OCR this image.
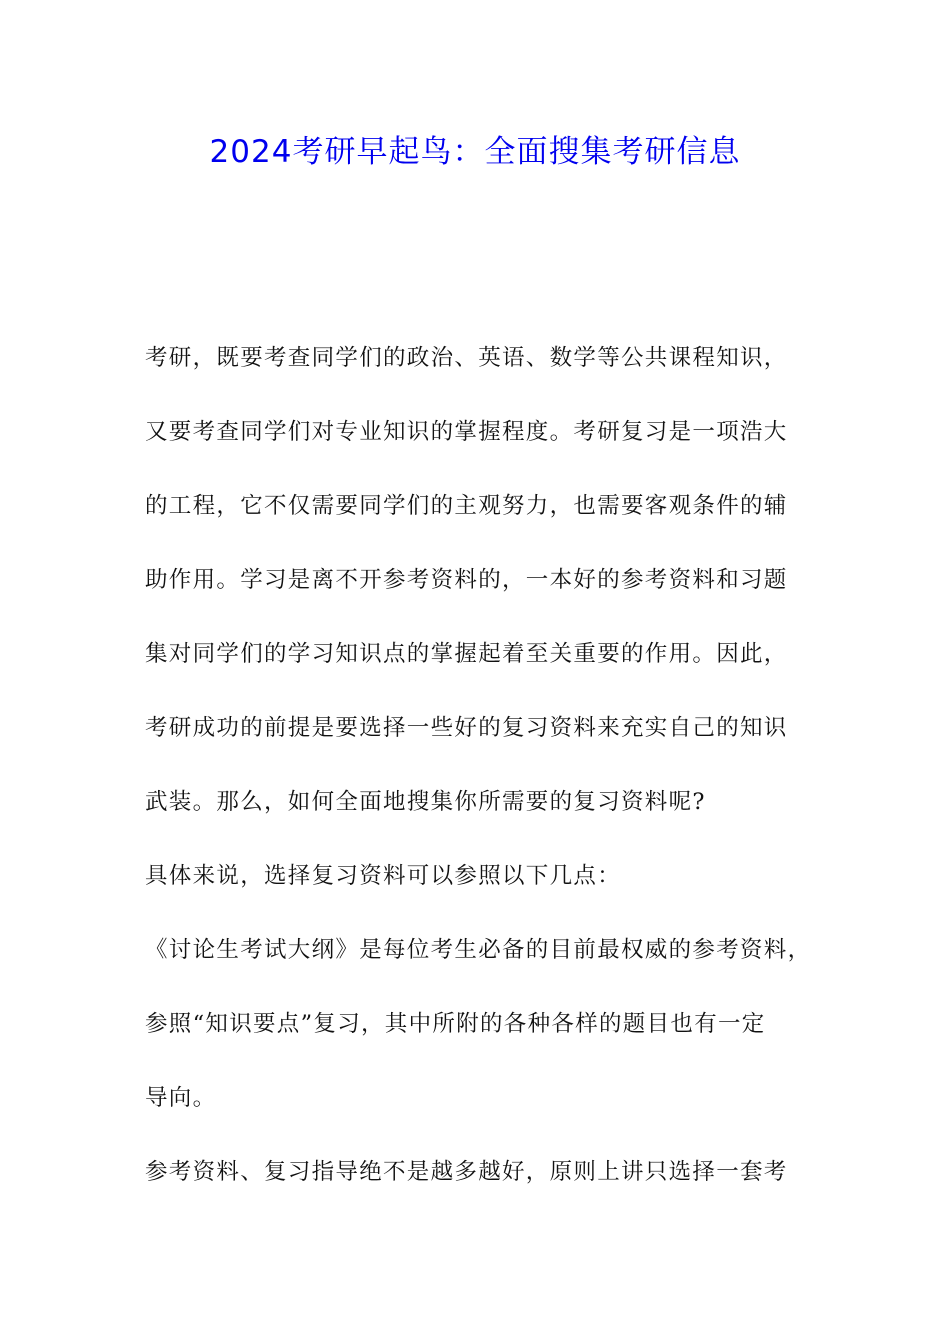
2024考研早起鸟：全面搜集考研信息
考研，既要考查同学们的政治、英语、数学等公共课程知识，
又要考查同学们对专业知识的掌握程度。考研复习是一项浩大
的工程，它不仅需要同学们的主观努力，也需要客观条件的辅
助作用。学习是离不开参考资料的，一本好的参考资料和习题
集对同学们的学习知识点的掌握起着至关重要的作用。因此，
考研成功的前提是要选择一些好的复习资料来充实自己的知识
武装。那么，如何全面地搜集你所需要的复习资料呢?
具体来说，选择复习资料可以参照以下几点：
《讨论生考试大纲》是每位考生必备的目前最权威的参考资料，
参照“知识要点”复习，其中所附的各种各样的题目也有一定
导向。
参考资料、复习指导绝不是越多越好，原则上讲只选择一套考
